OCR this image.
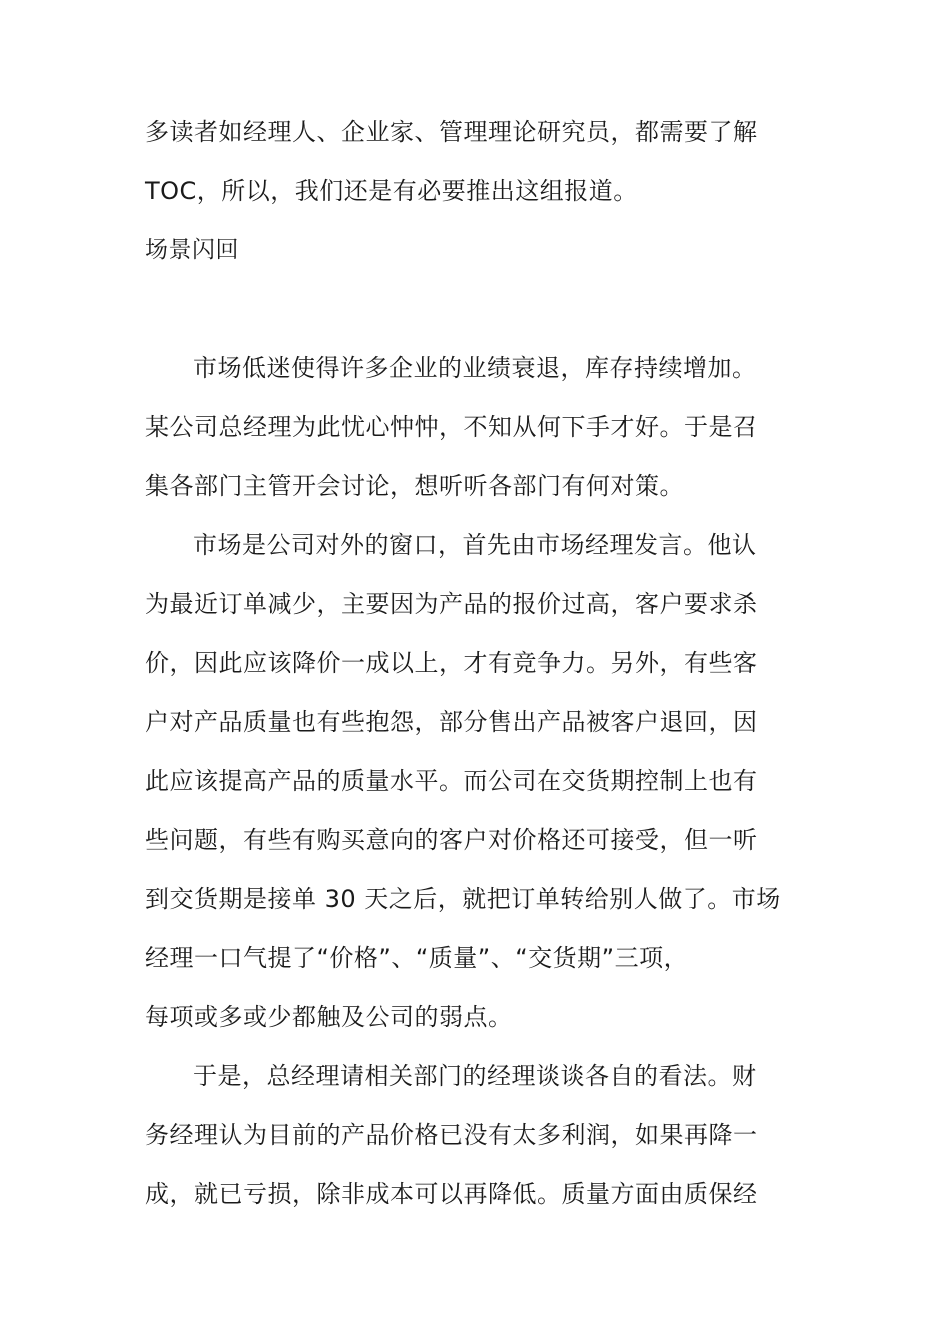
多读者如经理人、企业家、管理理论研究员，都需要了解
TOC，所以，我们还是有必要推出这组报道。
场景闪回
市场低迷使得许多企业的业绩衰退，库存持续增加。
某公司总经理为此忧心忡忡，不知从何下手才好。于是召
集各部门主管开会讨论，想听听各部门有何对策。
市场是公司对外的窗口，首先由市场经理发言。他认
为最近订单减少，主要因为产品的报价过高，客户要求杀
价，因此应该降价一成以上，才有竞争力。另外，有些客
户对产品质量也有些抱怨，部分售出产品被客户退回，因
此应该提高产品的质量水平。而公司在交货期控制上也有
些问题，有些有购买意向的客户对价格还可接受，但一听
到交货期是接单 30 天之后，就把订单转给别人做了。市场
经理一口气提了“价格”、“质量”、“交货期”三项，
每项或多或少都触及公司的弱点。
于是，总经理请相关部门的经理谈谈各自的看法。财
务经理认为目前的产品价格已没有太多利润，如果再降一
成，就已亏损，除非成本可以再降低。质量方面由质保经
